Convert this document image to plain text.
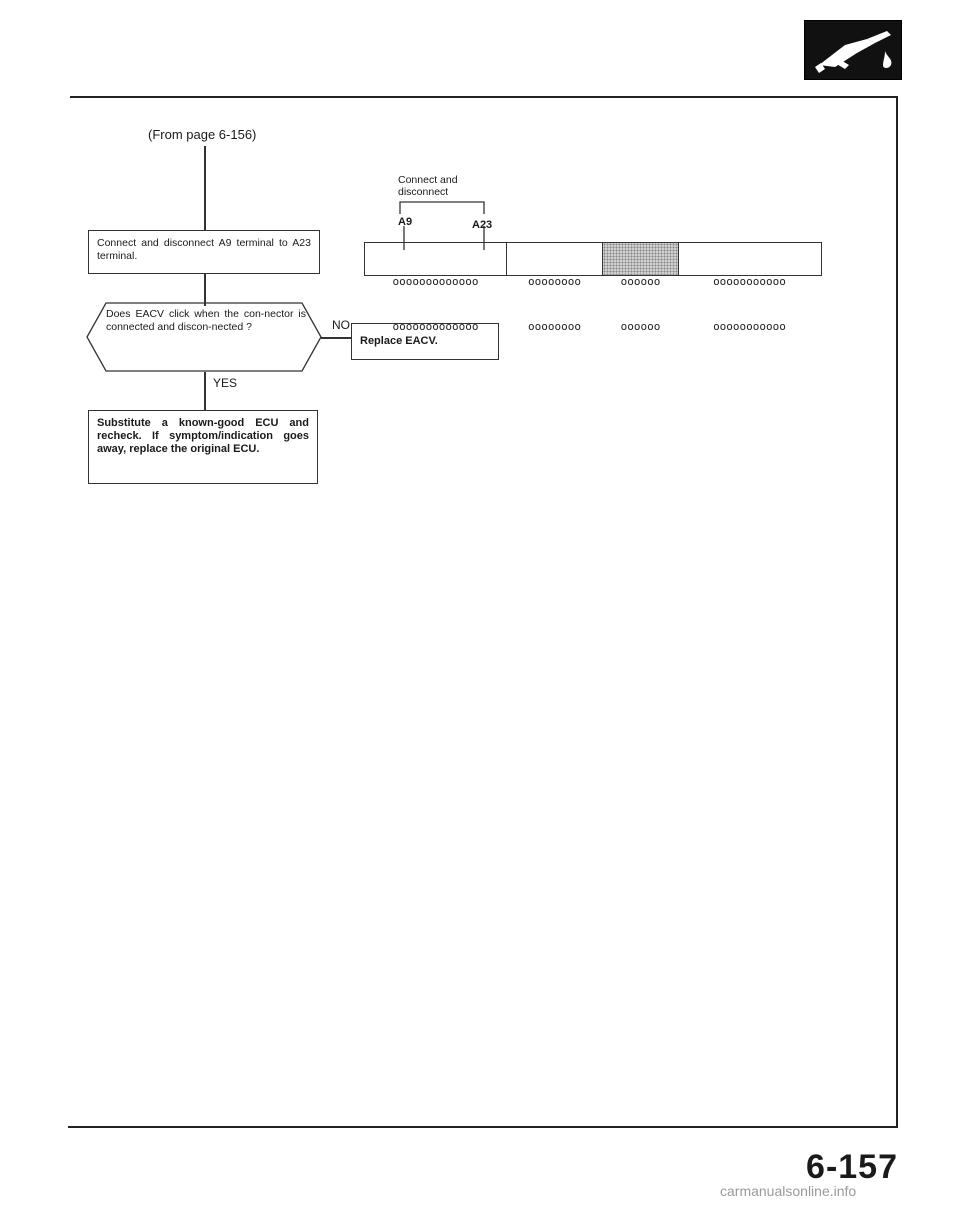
(From page 6-156)
Connect and disconnect A9 terminal to A23 terminal.
Does EACV click when the con-nector is connected and discon-nected ?	NO
Replace EACV.
YES
Substitute a known-good ECU and recheck. If symptom/indication goes away, replace the original ECU.
Connect and
disconnect
A9	A23

ooooooooooooo

ooooooooooooo

oooooooo

oooooooo

oooooo

oooooo

ooooooooooo

ooooooooooo

6-157
carmanualsonline.info
